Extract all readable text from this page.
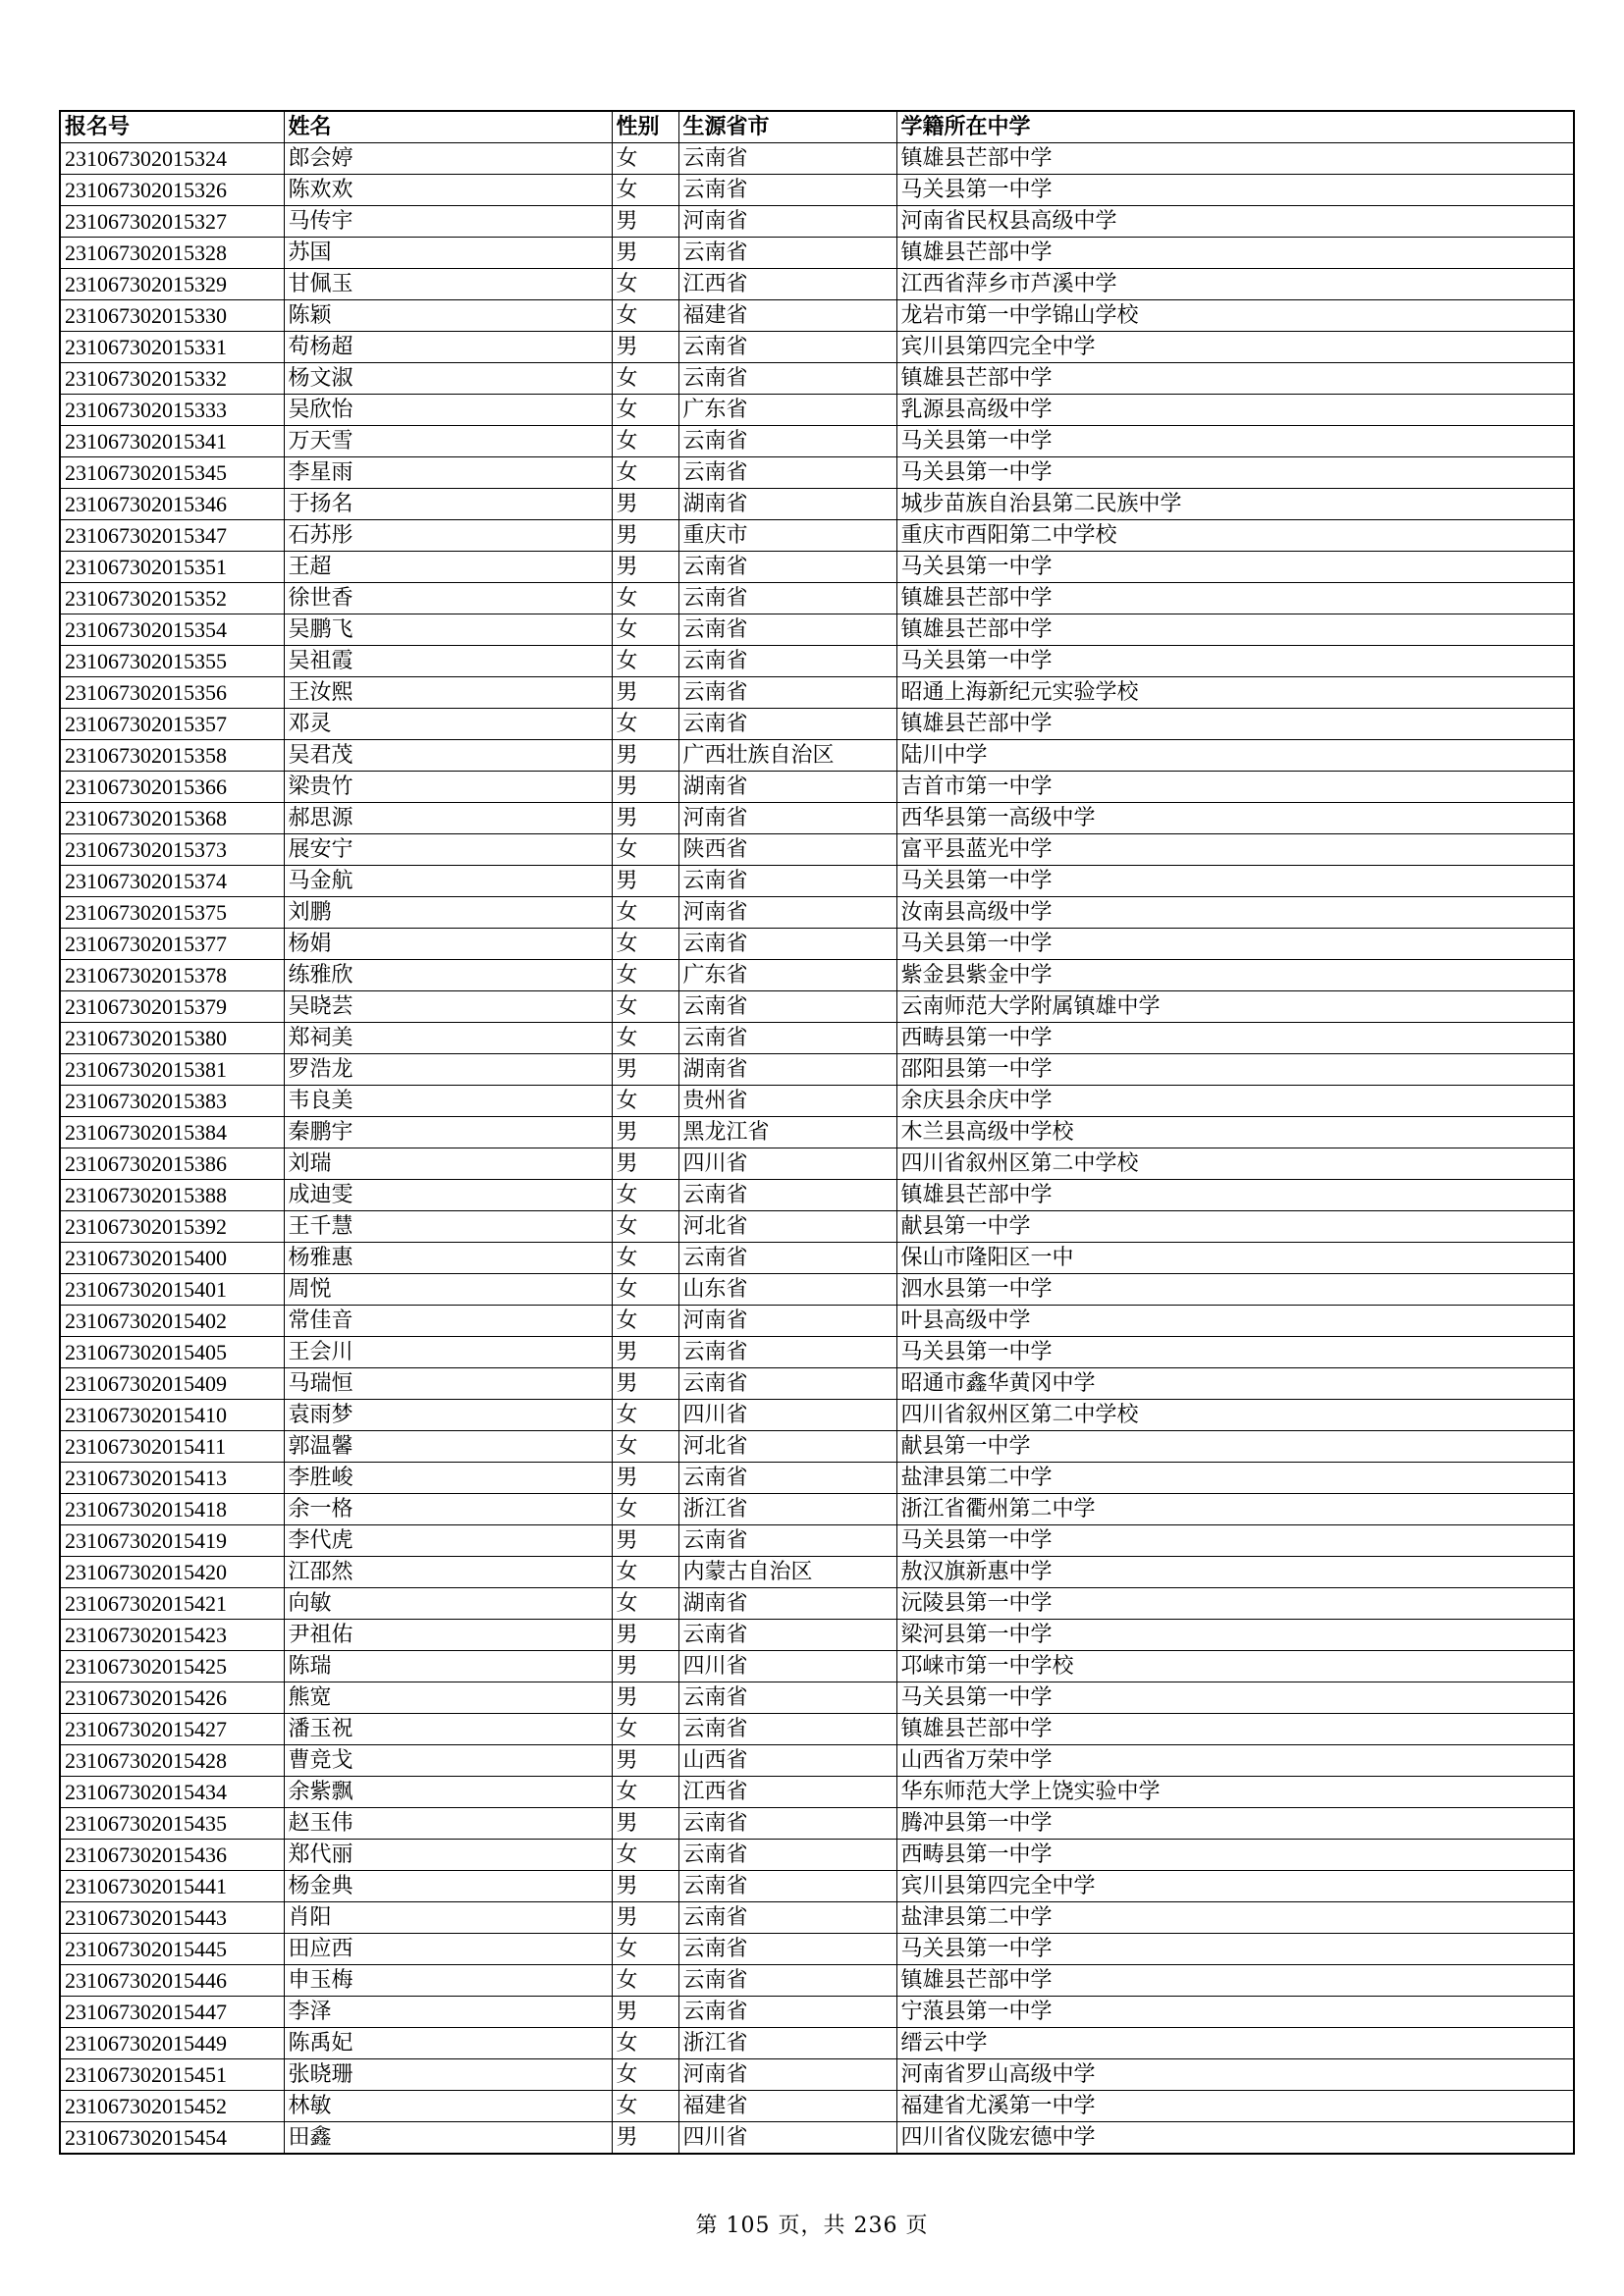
报名号	姓名	性别	生源省市	学籍所在中学
231067302015324	郎会婷	女	云南省	镇雄县芒部中学
231067302015326	陈欢欢	女	云南省	马关县第一中学
231067302015327	马传宇	男	河南省	河南省民权县高级中学
231067302015328	苏国	男	云南省	镇雄县芒部中学
231067302015329	甘佩玉	女	江西省	江西省萍乡市芦溪中学
231067302015330	陈颖	女	福建省	龙岩市第一中学锦山学校
231067302015331	苟杨超	男	云南省	宾川县第四完全中学
231067302015332	杨文淑	女	云南省	镇雄县芒部中学
231067302015333	吴欣怡	女	广东省	乳源县高级中学
231067302015341	万天雪	女	云南省	马关县第一中学
231067302015345	李星雨	女	云南省	马关县第一中学
231067302015346	于扬名	男	湖南省	城步苗族自治县第二民族中学
231067302015347	石苏彤	男	重庆市	重庆市酉阳第二中学校
231067302015351	王超	男	云南省	马关县第一中学
231067302015352	徐世香	女	云南省	镇雄县芒部中学
231067302015354	吴鹏飞	女	云南省	镇雄县芒部中学
231067302015355	吴祖霞	女	云南省	马关县第一中学
231067302015356	王汝熙	男	云南省	昭通上海新纪元实验学校
231067302015357	邓灵	女	云南省	镇雄县芒部中学
231067302015358	吴君茂	男	广西壮族自治区	陆川中学
231067302015366	梁贵竹	男	湖南省	吉首市第一中学
231067302015368	郝思源	男	河南省	西华县第一高级中学
231067302015373	展安宁	女	陕西省	富平县蓝光中学
231067302015374	马金航	男	云南省	马关县第一中学
231067302015375	刘鹏	女	河南省	汝南县高级中学
231067302015377	杨娟	女	云南省	马关县第一中学
231067302015378	练雅欣	女	广东省	紫金县紫金中学
231067302015379	吴晓芸	女	云南省	云南师范大学附属镇雄中学
231067302015380	郑祠美	女	云南省	西畴县第一中学
231067302015381	罗浩龙	男	湖南省	邵阳县第一中学
231067302015383	韦良美	女	贵州省	余庆县余庆中学
231067302015384	秦鹏宇	男	黑龙江省	木兰县高级中学校
231067302015386	刘瑞	男	四川省	四川省叙州区第二中学校
231067302015388	成迪雯	女	云南省	镇雄县芒部中学
231067302015392	王千慧	女	河北省	献县第一中学
231067302015400	杨雅惠	女	云南省	保山市隆阳区一中
231067302015401	周悦	女	山东省	泗水县第一中学
231067302015402	常佳音	女	河南省	叶县高级中学
231067302015405	王会川	男	云南省	马关县第一中学
231067302015409	马瑞恒	男	云南省	昭通市鑫华黄冈中学
231067302015410	袁雨梦	女	四川省	四川省叙州区第二中学校
231067302015411	郭温馨	女	河北省	献县第一中学
231067302015413	李胜峻	男	云南省	盐津县第二中学
231067302015418	余一格	女	浙江省	浙江省衢州第二中学
231067302015419	李代虎	男	云南省	马关县第一中学
231067302015420	江邵然	女	内蒙古自治区	敖汉旗新惠中学
231067302015421	向敏	女	湖南省	沅陵县第一中学
231067302015423	尹祖佑	男	云南省	梁河县第一中学
231067302015425	陈瑞	男	四川省	邛崃市第一中学校
231067302015426	熊宽	男	云南省	马关县第一中学
231067302015427	潘玉祝	女	云南省	镇雄县芒部中学
231067302015428	曹竞戈	男	山西省	山西省万荣中学
231067302015434	余紫飘	女	江西省	华东师范大学上饶实验中学
231067302015435	赵玉伟	男	云南省	腾冲县第一中学
231067302015436	郑代丽	女	云南省	西畴县第一中学
231067302015441	杨金典	男	云南省	宾川县第四完全中学
231067302015443	肖阳	男	云南省	盐津县第二中学
231067302015445	田应西	女	云南省	马关县第一中学
231067302015446	申玉梅	女	云南省	镇雄县芒部中学
231067302015447	李泽	男	云南省	宁蒗县第一中学
231067302015449	陈禹妃	女	浙江省	缙云中学
231067302015451	张晓珊	女	河南省	河南省罗山高级中学
231067302015452	林敏	女	福建省	福建省尤溪第一中学
231067302015454	田鑫	男	四川省	四川省仪陇宏德中学
第 105 页，共 236 页
